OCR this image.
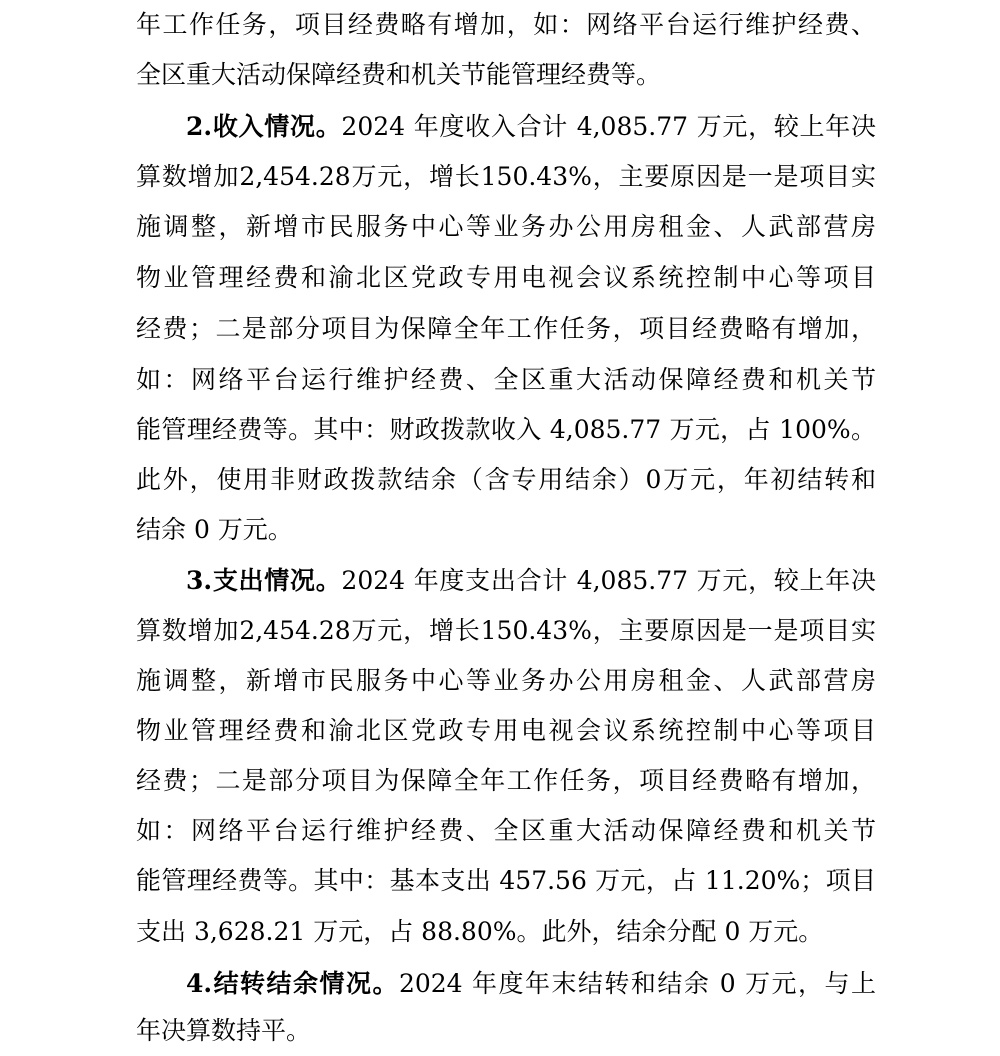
年工作任务，项目经费略有增加，如：网络平台运行维护经费、
全区重大活动保障经费和机关节能管理经费等。
2.收入情况。2024 年度收入合计 4,085.77 万元，较上年决
算数增加2,454.28万元，增长150.43%，主要原因是一是项目实
施调整，新增市民服务中心等业务办公用房租金、人武部营房
物业管理经费和渝北区党政专用电视会议系统控制中心等项目
经费；二是部分项目为保障全年工作任务，项目经费略有增加，
如：网络平台运行维护经费、全区重大活动保障经费和机关节
能管理经费等。其中：财政拨款收入 4,085.77 万元，占 100%。
此外，使用非财政拨款结余（含专用结余）0万元，年初结转和
结余 0 万元。
3.支出情况。2024 年度支出合计 4,085.77 万元，较上年决
算数增加2,454.28万元，增长150.43%，主要原因是一是项目实
施调整，新增市民服务中心等业务办公用房租金、人武部营房
物业管理经费和渝北区党政专用电视会议系统控制中心等项目
经费；二是部分项目为保障全年工作任务，项目经费略有增加，
如：网络平台运行维护经费、全区重大活动保障经费和机关节
能管理经费等。其中：基本支出 457.56 万元，占 11.20%；项目
支出 3,628.21 万元，占 88.80%。此外，结余分配 0 万元。
4.结转结余情况。2024 年度年末结转和结余 0 万元，与上
年决算数持平。
